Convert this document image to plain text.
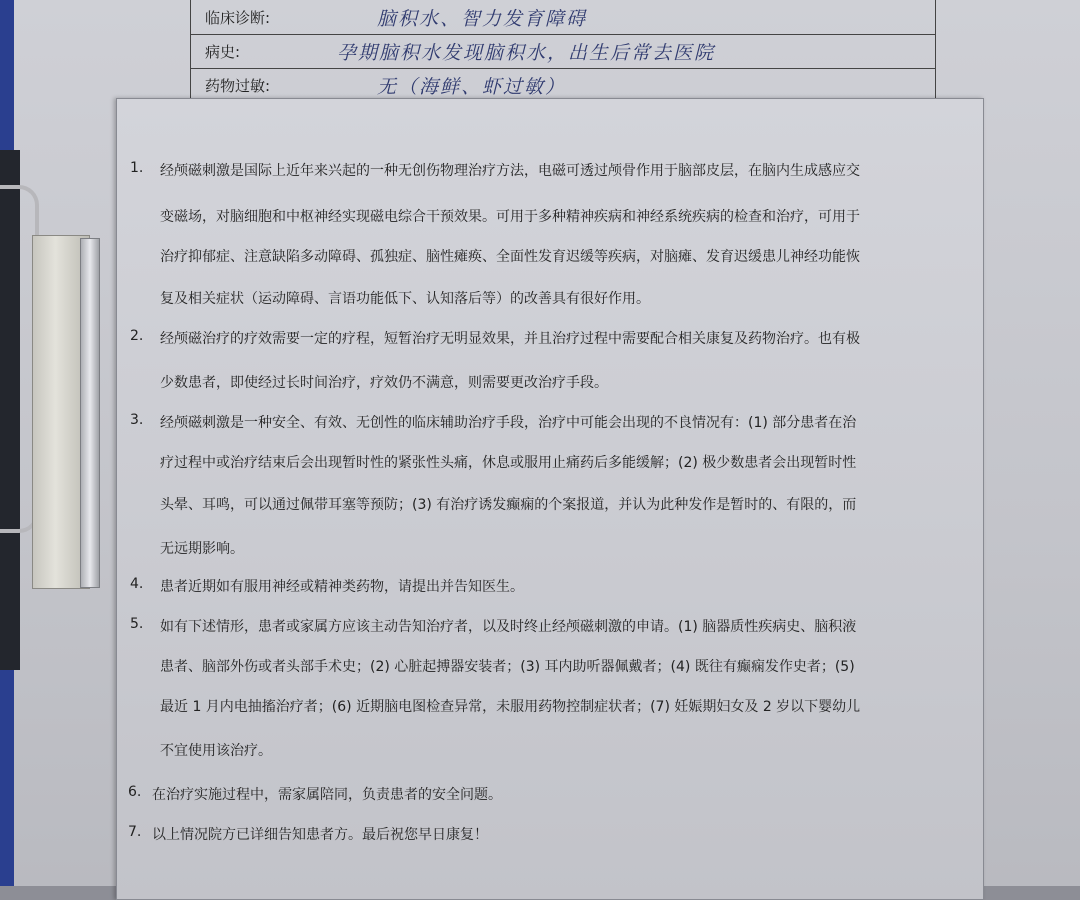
临床诊断:	脑积水、智力发育障碍
病史:	孕期脑积水发现脑积水，出生后常去医院
药物过敏:	无（海鲜、虾过敏）
1. 经颅磁刺激是国际上近年来兴起的一种无创伤物理治疗方法，电磁可透过颅骨作用于脑部皮层，在脑内生成感应交
变磁场，对脑细胞和中枢神经实现磁电综合干预效果。可用于多种精神疾病和神经系统疾病的检查和治疗，可用于
治疗抑郁症、注意缺陷多动障碍、孤独症、脑性瘫痪、全面性发育迟缓等疾病，对脑瘫、发育迟缓患儿神经功能恢
复及相关症状（运动障碍、言语功能低下、认知落后等）的改善具有很好作用。
2. 经颅磁治疗的疗效需要一定的疗程，短暂治疗无明显效果，并且治疗过程中需要配合相关康复及药物治疗。也有极
少数患者，即使经过长时间治疗，疗效仍不满意，则需要更改治疗手段。
3. 经颅磁刺激是一种安全、有效、无创性的临床辅助治疗手段，治疗中可能会出现的不良情况有：(1) 部分患者在治
疗过程中或治疗结束后会出现暂时性的紧张性头痛，休息或服用止痛药后多能缓解；(2) 极少数患者会出现暂时性
头晕、耳鸣，可以通过佩带耳塞等预防；(3) 有治疗诱发癫痫的个案报道，并认为此种发作是暂时的、有限的，而
无远期影响。
4. 患者近期如有服用神经或精神类药物，请提出并告知医生。
5. 如有下述情形，患者或家属方应该主动告知治疗者，以及时终止经颅磁刺激的申请。(1) 脑器质性疾病史、脑积液
患者、脑部外伤或者头部手术史；(2) 心脏起搏器安装者；(3) 耳内助听器佩戴者；(4) 既往有癫痫发作史者；(5)
最近 1 月内电抽搐治疗者；(6) 近期脑电图检查异常，未服用药物控制症状者；(7) 妊娠期妇女及 2 岁以下婴幼儿
不宜使用该治疗。
6. 在治疗实施过程中，需家属陪同，负责患者的安全问题。
7. 以上情况院方已详细告知患者方。最后祝您早日康复！
